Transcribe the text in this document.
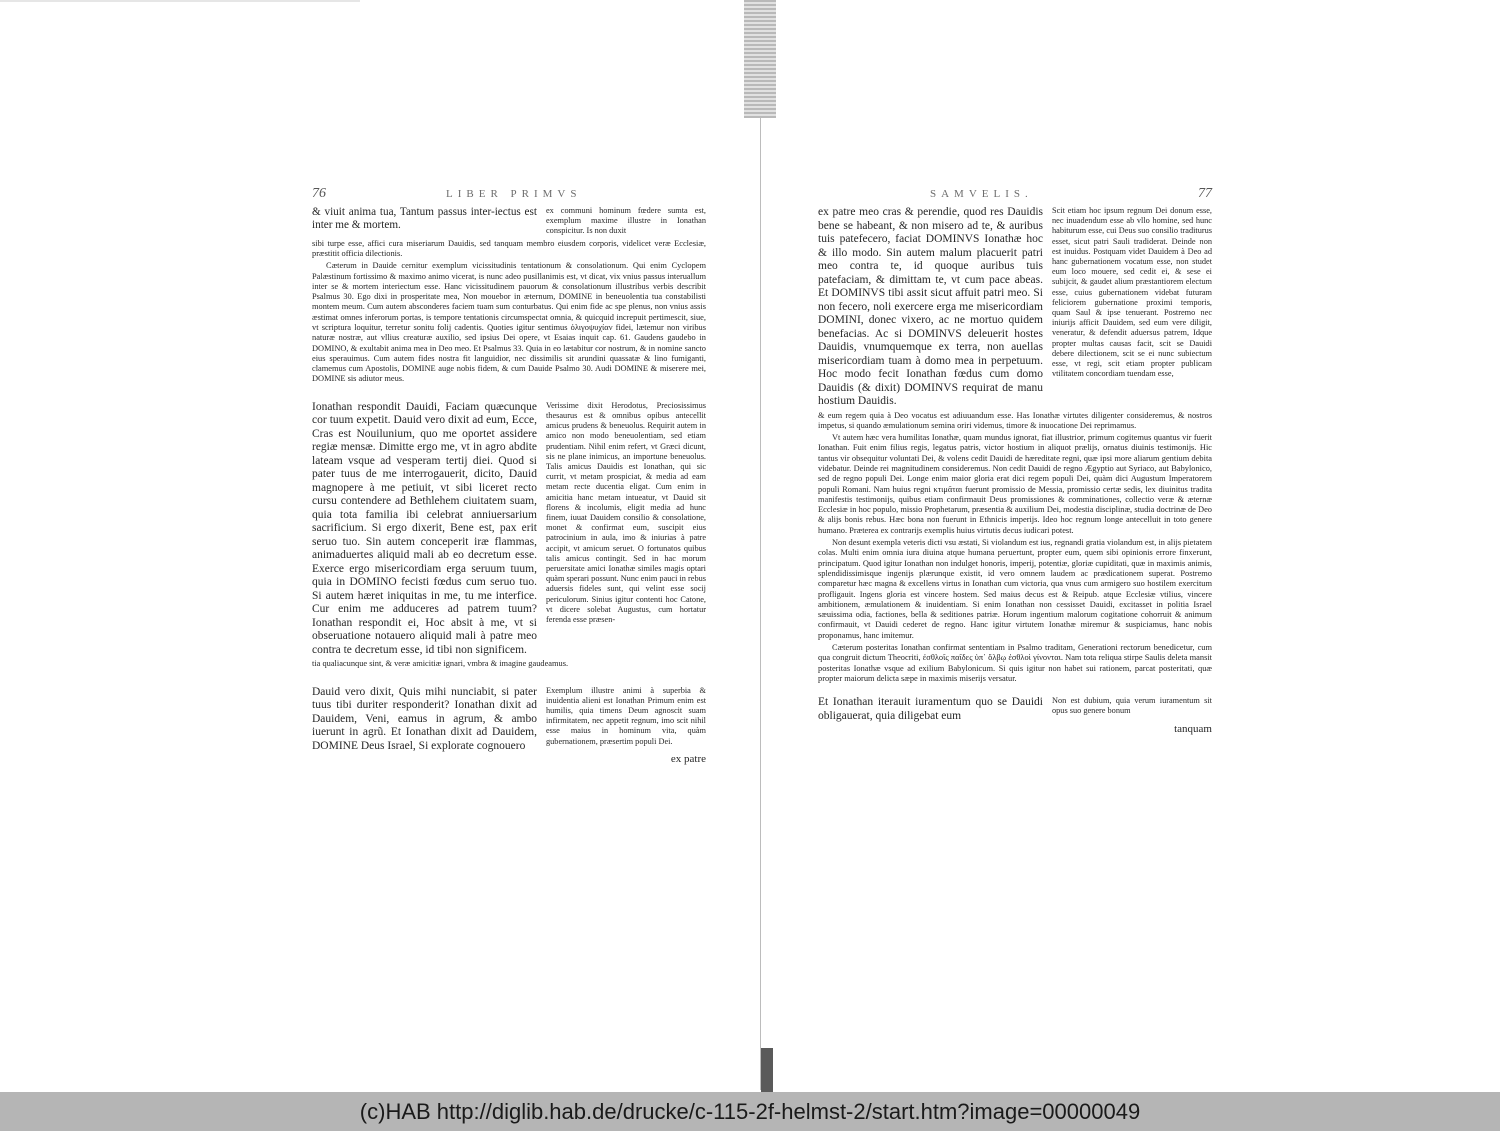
76	LIBER PRIMVS
& viuit anima tua, Tantum passus inter-iectus est inter me & mortem.
ex communi hominum fœdere sumta est, exemplum maxime illustre in Ionathan conspicitur. Is non duxit
sibi turpe esse, affici cura miseriarum Dauidis, sed tanquam membro eiusdem corporis, videlicet veræ Ecclesiæ, præstitit officia dilectionis.
Cæterum in Dauide cernitur exemplum vicissitudinis tentationum & consolationum. Qui enim Cyclopem Palæstinum fortissimo & maximo animo vicerat, is nunc adeo pusillanimis est, vt dicat, vix vnius passus interuallum inter se & mortem interiectum esse. Hanc vicissitudinem pauorum & consolationum illustribus verbis describit Psalmus 30. Ego dixi in prosperitate mea, Non mouebor in æternum, DOMINE in beneuolentia tua constabilisti montem meum. Cum autem absconderes faciem tuam sum conturbatus. Qui enim fide ac spe plenus, non vnius assis æstimat omnes inferorum portas, is tempore tentationis circumspectat omnia, & quicquid increpuit pertimescit, siue, vt scriptura loquitur, terretur sonitu folij cadentis. Quoties igitur sentimus ὀλιγοψυχίαν fidei, lætemur non viribus naturæ nostræ, aut vllius creaturæ auxilio, sed ipsius Dei opere, vt Esaias inquit cap. 61. Gaudens gaudebo in DOMINO, & exultabit anima mea in Deo meo. Et Psalmus 33. Quia in eo lætabitur cor nostrum, & in nomine sancto eius sperauimus. Cum autem fides nostra fit languidior, nec dissimilis sit arundini quassatæ & lino fumiganti, clamemus cum Apostolis, DOMINE auge nobis fidem, & cum Dauide Psalmo 30. Audi DOMINE & miserere mei, DOMINE sis adiutor meus.
Ionathan respondit Dauidi, Faciam quæcunque cor tuum expetit. Dauid vero dixit ad eum, Ecce, Cras est Nouilunium, quo me oportet assidere regiæ mensæ. Dimitte ergo me, vt in agro abdite lateam vsque ad vesperam tertij diei. Quod si pater tuus de me interrogauerit, dicito, Dauid magnopere à me petiuit, vt sibi liceret recto cursu contendere ad Bethlehem ciuitatem suam, quia tota familia ibi celebrat anniuersarium sacrificium. Si ergo dixerit, Bene est, pax erit seruo tuo. Sin autem conceperit iræ flammas, animaduertes aliquid mali ab eo decretum esse. Exerce ergo misericordiam erga seruum tuum, quia in DOMINO fecisti fœdus cum seruo tuo. Si autem hæret iniquitas in me, tu me interfice. Cur enim me adduceres ad patrem tuum? Ionathan respondit ei, Hoc absit à me, vt si obseruatione notauero aliquid mali à patre meo contra te decretum esse, id tibi non significem.
Verissime dixit Herodotus, Preciosissimus thesaurus est & omnibus opibus antecellit amicus prudens & beneuolus. Requirit autem in amico non modo beneuolentiam, sed etiam prudentiam. Nihil enim refert, vt Græci dicunt, sis ne plane inimicus, an importune beneuolus. Talis amicus Dauidis est Ionathan, qui sic currit, vt metam prospiciat, & media ad eam metam recte ducentia eligat. Cum enim in amicitia hanc metam intueatur, vt Dauid sit florens & incolumis, eligit media ad hunc finem, iuuat Dauidem consilio & consolatione, monet & confirmat eum, suscipit eius patrocinium in aula, imo & iniurias à patre accipit, vt amicum seruet. O fortunatos quibus talis amicus contingit. Sed in hac morum peruersitate amici Ionathæ similes magis optari quàm sperari possunt. Nunc enim pauci in rebus aduersis fideles sunt, qui velint esse socij periculorum. Sinius igitur contenti hoc Catone, vt dicere solebat Augustus, cum hortatur ferenda esse præsen-
tia qualiacunque sint, & veræ amicitiæ ignari, vmbra & imagine gaudeamus.
Dauid vero dixit, Quis mihi nunciabit, si pater tuus tibi duriter responderit? Ionathan dixit ad Dauidem, Veni, eamus in agrum, & ambo iuerunt in agrũ. Et Ionathan dixit ad Dauidem, DOMINE Deus Israel, Si explorate cognouero
Exemplum illustre animi à superbia & inuidentia alieni est Ionathan Primum enim est humilis, quia timens Deum agnoscit suam infirmitatem, nec appetit regnum, imo scit nihil esse maius in hominum vita, quàm gubernationem, præsertim populi Dei.
ex patre
SAMVELIS.	77
ex patre meo cras & perendie, quod res Dauidis bene se habeant, & non misero ad te, & auribus tuis patefecero, faciat DOMINVS Ionathæ hoc & illo modo. Sin autem malum placuerit patri meo contra te, id quoque auribus tuis patefaciam, & dimittam te, vt cum pace abeas. Et DOMINVS tibi assit sicut affuit patri meo. Si non fecero, noli exercere erga me misericordiam DOMINI, donec vixero, ac ne mortuo quidem benefacias. Ac si DOMINVS deleuerit hostes Dauidis, vnumquemque ex terra, non auellas misericordiam tuam à domo mea in perpetuum. Hoc modo fecit Ionathan fœdus cum domo Dauidis (& dixit) DOMINVS requirat de manu hostium Dauidis.
Scit etiam hoc ipsum regnum Dei donum esse, nec inuadendum esse ab vllo homine, sed hunc habiturum esse, cui Deus suo consilio traditurus esset, sicut patri Sauli tradiderat. Deinde non est inuidus. Postquam videt Dauidem à Deo ad hanc gubernationem vocatum esse, non studet eum loco mouere, sed cedit ei, & sese ei subijcit, & gaudet alium præstantiorem electum esse, cuius gubernationem videbat futuram feliciorem gubernatione proximi temporis, quam Saul & ipse tenuerant. Postremo nec iniurijs afficit Dauidem, sed eum vere diligit, veneratur, & defendit aduersus patrem, Idque propter multas causas facit, scit se Dauidi debere dilectionem, scit se ei nunc subiectum esse, vt regi, scit etiam propter publicam vtilitatem concordiam tuendam esse,
& eum regem quia à Deo vocatus est adiuuandum esse. Has Ionathæ virtutes diligenter consideremus, & nostros impetus, si quando æmulationum semina oriri videmus, timore & inuocatione Dei reprimamus.
Vt autem hæc vera humilitas Ionathæ, quam mundus ignorat, fiat illustrior, primum cogitemus quantus vir fuerit Ionathan. Fuit enim filius regis, legatus patris, victor hostium in aliquot prælijs, ornatus diuinis testimonijs. Hic tantus vir obsequitur voluntati Dei, & volens cedit Dauidi de hæreditate regni, quæ ipsi more aliarum gentium debita videbatur. Deinde rei magnitudinem consideremus. Non cedit Dauidi de regno Ægyptio aut Syriaco, aut Babylonico, sed de regno populi Dei. Longe enim maior gloria erat dici regem populi Dei, quàm dici Augustum Imperatorem populi Romani. Nam huius regni κτιμᾶται fuerunt promissio de Messia, promissio certæ sedis, lex diuinitus tradita manifestis testimonijs, quibus etiam confirmauit Deus promissiones & comminationes, collectio veræ & æternæ Ecclesiæ in hoc populo, missio Prophetarum, præsentia & auxilium Dei, modestia disciplinæ, studia doctrinæ de Deo & alijs bonis rebus. Hæc bona non fuerunt in Ethnicis imperijs. Ideo hoc regnum longe antecelluit in toto genere humano. Præterea ex contrarijs exemplis huius virtutis decus iudicari potest.
Non desunt exempla veteris dicti vsu æstati, Si violandum est ius, regnandi gratia violandum est, in alijs pietatem colas. Multi enim omnia iura diuina atque humana peruertunt, propter eum, quem sibi opinionis errore finxerunt, principatum. Quod igitur Ionathan non indulget honoris, imperij, potentiæ, gloriæ cupiditati, quæ in maximis animis, splendidissimisque ingenijs plærunque existit, id vero omnem laudem ac prædicationem superat. Postremo comparetur hæc magna & excellens virtus in Ionathan cum victoria, qua vnus cum armigero suo hostilem exercitum profligauit. Ingens gloria est vincere hostem. Sed maius decus est & Reipub. atque Ecclesiæ vtilius, vincere ambitionem, æmulationem & inuidentiam. Si enim Ionathan non cessisset Dauidi, excitasset in politia Israel sæuissima odia, factiones, bella & seditiones patriæ. Horum ingentium malorum cogitatione cohorruit & animum confirmauit, vt Dauidi cederet de regno. Hanc igitur virtutem Ionathæ miremur & suspiciamus, hanc nobis proponamus, hanc imitemur.
Cæterum posteritas Ionathan confirmat sententiam in Psalmo traditam, Generationi rectorum benedicetur, cum qua congruit dictum Theocriti, ἐσθλοῖς παῖδες ὑπ᾽ ὄλβῳ ἐσθλοὶ γίνονται. Nam tota reliqua stirpe Saulis deleta mansit posteritas Ionathæ vsque ad exilium Babylonicum. Si quis igitur non habet sui rationem, parcat posteritati, quæ propter maiorum delicta sæpe in maximis miserijs versatur.
Et Ionathan iterauit iuramentum quo se Dauidi obligauerat, quia diligebat eum
Non est dubium, quia verum iuramentum sit opus suo genere bonum
tanquam
(c)HAB http://diglib.hab.de/drucke/c-115-2f-helmst-2/start.htm?image=00000049
